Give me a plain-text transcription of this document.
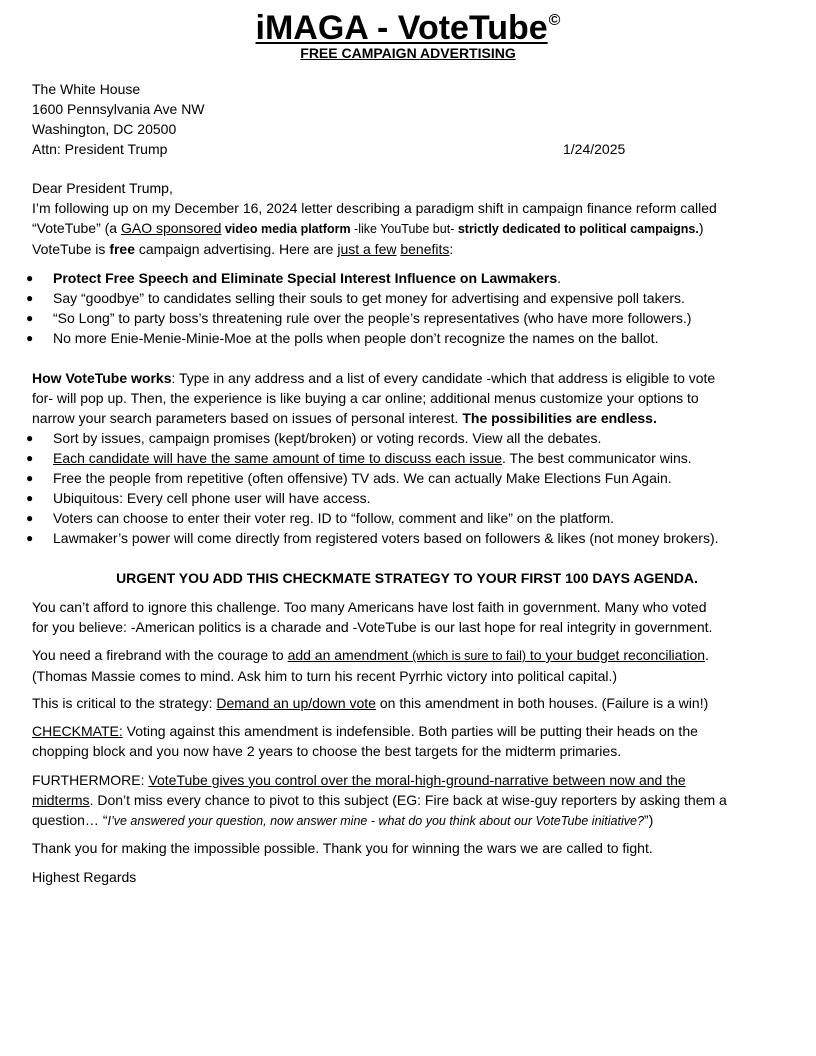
iMAGA - VoteTube©
FREE CAMPAIGN ADVERTISING
The White House
1600 Pennsylvania Ave NW
Washington, DC 20500
Attn: President Trump	1/24/2025

Dear President Trump,

I’m following up on my December 16, 2024 letter describing a paradigm shift in campaign finance reform called

“VoteTube” (a GAO sponsored video media platform -like YouTube but- strictly dedicated to political campaigns.)

VoteTube is free campaign advertising. Here are just a few benefits:

● Protect Free Speech and Eliminate Special Interest Influence on Lawmakers.
● Say “goodbye” to candidates selling their souls to get money for advertising and expensive poll takers.
● “So Long” to party boss’s threatening rule over the people’s representatives (who have more followers.)
● No more Enie-Menie-Minie-Moe at the polls when people don’t recognize the names on the ballot.

How VoteTube works: Type in any address and a list of every candidate -which that address is eligible to vote

for- will pop up. Then, the experience is like buying a car online; additional menus customize your options to

narrow your search parameters based on issues of personal interest. The possibilities are endless.

● Sort by issues, campaign promises (kept/broken) or voting records. View all the debates.
● Each candidate will have the same amount of time to discuss each issue. The best communicator wins.
● Free the people from repetitive (often offensive) TV ads. We can actually Make Elections Fun Again.
● Ubiquitous: Every cell phone user will have access.
● Voters can choose to enter their voter reg. ID to “follow, comment and like” on the platform.
● Lawmaker’s power will come directly from registered voters based on followers & likes (not money brokers).
URGENT YOU ADD THIS CHECKMATE STRATEGY TO YOUR FIRST 100 DAYS AGENDA.

You can’t afford to ignore this challenge. Too many Americans have lost faith in government. Many who voted

for you believe: -American politics is a charade and -VoteTube is our last hope for real integrity in government.

You need a firebrand with the courage to add an amendment (which is sure to fail) to your budget reconciliation.

(Thomas Massie comes to mind. Ask him to turn his recent Pyrrhic victory into political capital.)

This is critical to the strategy: Demand an up/down vote on this amendment in both houses. (Failure is a win!)

CHECKMATE: Voting against this amendment is indefensible. Both parties will be putting their heads on the

chopping block and you now have 2 years to choose the best targets for the midterm primaries.

FURTHERMORE: VoteTube gives you control over the moral-high-ground-narrative between now and the

midterms. Don’t miss every chance to pivot to this subject (EG: Fire back at wise-guy reporters by asking them a

question… “I’ve answered your question, now answer mine - what do you think about our VoteTube initiative?”)

Thank you for making the impossible possible. Thank you for winning the wars we are called to fight.
Highest Regards
